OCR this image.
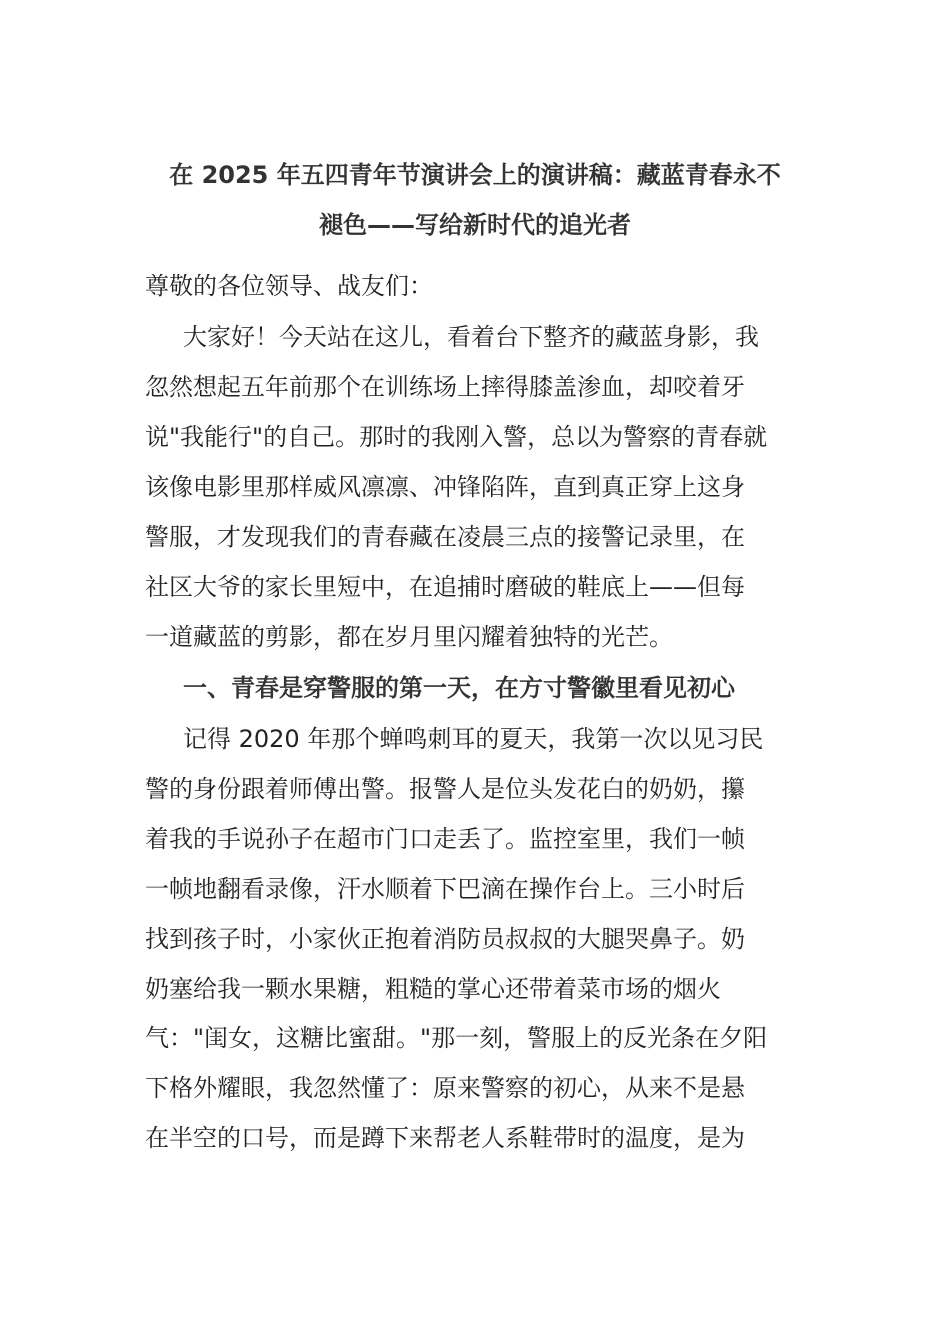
在 2025 年五四青年节演讲会上的演讲稿：藏蓝青春永不
褪色——写给新时代的追光者
尊敬的各位领导、战友们：
大家好！今天站在这儿，看着台下整齐的藏蓝身影，我
忽然想起五年前那个在训练场上摔得膝盖渗血，却咬着牙
说"我能行"的自己。那时的我刚入警，总以为警察的青春就
该像电影里那样威风凛凛、冲锋陷阵，直到真正穿上这身
警服，才发现我们的青春藏在凌晨三点的接警记录里，在
社区大爷的家长里短中，在追捕时磨破的鞋底上——但每
一道藏蓝的剪影，都在岁月里闪耀着独特的光芒。
一、青春是穿警服的第一天，在方寸警徽里看见初心
记得 2020 年那个蝉鸣刺耳的夏天，我第一次以见习民
警的身份跟着师傅出警。报警人是位头发花白的奶奶，攥
着我的手说孙子在超市门口走丢了。监控室里，我们一帧
一帧地翻看录像，汗水顺着下巴滴在操作台上。三小时后
找到孩子时，小家伙正抱着消防员叔叔的大腿哭鼻子。奶
奶塞给我一颗水果糖，粗糙的掌心还带着菜市场的烟火
气："闺女，这糖比蜜甜。"那一刻，警服上的反光条在夕阳
下格外耀眼，我忽然懂了：原来警察的初心，从来不是悬
在半空的口号，而是蹲下来帮老人系鞋带时的温度，是为
